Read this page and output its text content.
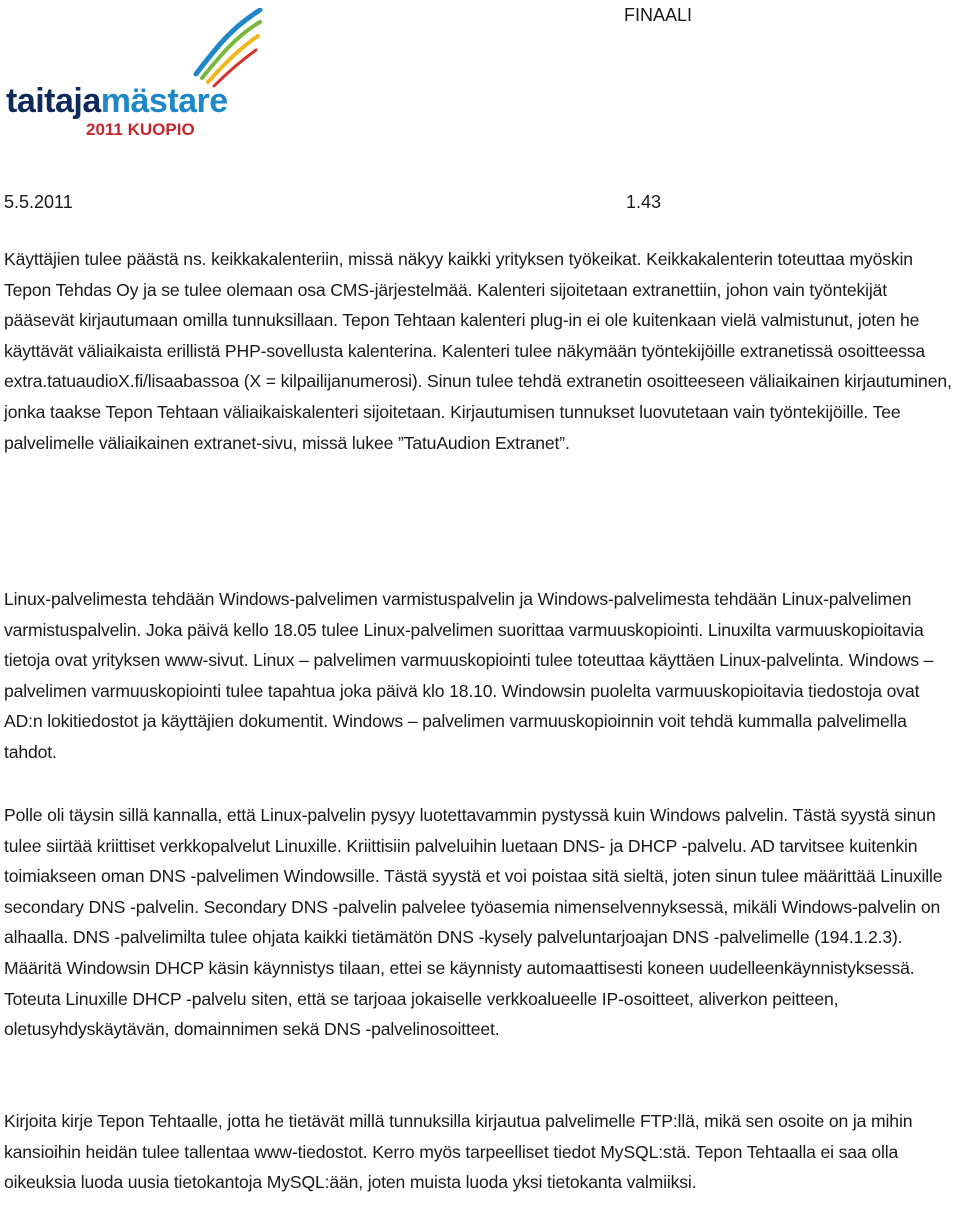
FINAALI
taitajamästare
2011 KUOPIO
5.5.2011	1.43

Käyttäjien tulee päästä ns. keikkakalenteriin, missä näkyy kaikki yrityksen työkeikat. Keikkakalenterin toteuttaa myöskin Tepon Tehdas Oy ja se tulee olemaan osa CMS-järjestelmää. Kalenteri sijoitetaan extranettiin, johon vain työntekijät pääsevät kirjautumaan omilla tunnuksillaan. Tepon Tehtaan kalenteri plug-in ei ole kuitenkaan vielä valmistunut, joten he käyttävät väliaikaista erillistä PHP-sovellusta kalenterina. Kalenteri tulee näkymään työntekijöille extranetissä osoitteessa extra.tatuaudioX.fi/lisaabassoa (X = kilpailijanumerosi). Sinun tulee tehdä extranetin osoitteeseen väliaikainen kirjautuminen, jonka taakse Tepon Tehtaan väliaikaiskalenteri sijoitetaan. Kirjautumisen tunnukset luovutetaan vain työntekijöille. Tee palvelimelle väliaikainen extranet-sivu, missä lukee ”TatuAudion Extranet”.

Linux-palvelimesta tehdään Windows-palvelimen varmistuspalvelin ja Windows-palvelimesta tehdään Linux-palvelimen varmistuspalvelin. Joka päivä kello 18.05 tulee Linux-palvelimen suorittaa varmuuskopiointi. Linuxilta varmuuskopioitavia tietoja ovat yrityksen www-sivut. Linux – palvelimen varmuuskopiointi tulee toteuttaa käyttäen Linux-palvelinta. Windows – palvelimen varmuuskopiointi tulee tapahtua joka päivä klo 18.10. Windowsin puolelta varmuuskopioitavia tiedostoja ovat AD:n lokitiedostot ja käyttäjien dokumentit. Windows – palvelimen varmuuskopioinnin voit tehdä kummalla palvelimella tahdot.

Polle oli täysin sillä kannalla, että Linux-palvelin pysyy luotettavammin pystyssä kuin Windows palvelin. Tästä syystä sinun tulee siirtää kriittiset verkkopalvelut Linuxille. Kriittisiin palveluihin luetaan DNS- ja DHCP -palvelu. AD tarvitsee kuitenkin toimiakseen oman DNS -palvelimen Windowsille. Tästä syystä et voi poistaa sitä sieltä, joten sinun tulee määrittää Linuxille secondary DNS -palvelin. Secondary DNS -palvelin palvelee työasemia nimenselvennyksessä, mikäli Windows-palvelin on alhaalla. DNS -palvelimilta tulee ohjata kaikki tietämätön DNS -kysely palveluntarjoajan DNS -palvelimelle (194.1.2.3). Määritä Windowsin DHCP käsin käynnistys tilaan, ettei se käynnisty automaattisesti koneen uudelleenkäynnistyksessä. Toteuta Linuxille DHCP -palvelu siten, että se tarjoaa jokaiselle verkkoalueelle IP-osoitteet, aliverkon peitteen, oletusyhdyskäytävän, domainnimen sekä DNS -palvelinosoitteet.

Kirjoita kirje Tepon Tehtaalle, jotta he tietävät millä tunnuksilla kirjautua palvelimelle FTP:llä, mikä sen osoite on ja mihin kansioihin heidän tulee tallentaa www-tiedostot. Kerro myös tarpeelliset tiedot MySQL:stä. Tepon Tehtaalla ei saa olla oikeuksia luoda uusia tietokantoja MySQL:ään, joten muista luoda yksi tietokanta valmiiksi.
